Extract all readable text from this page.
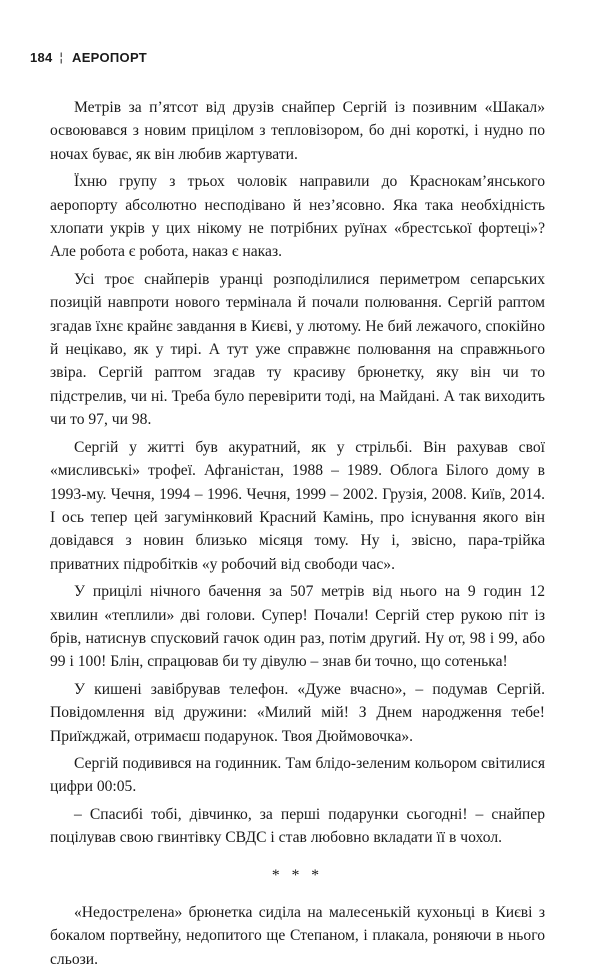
184 ¦ АЕРОПОРТ

Метрів за п’ятсот від друзів снайпер Сергій із позивним «Шакал» освоювався з новим прицілом з тепловізором, бо дні короткі, і нудно по ночах буває, як він любив жартувати.

Їхню групу з трьох чоловік направили до Краснокам’янського аеропорту абсолютно несподівано й нез’ясовно. Яка така необхідність хлопати укрів у цих нікому не потрібних руїнах «брестської фортеці»? Але робота є робота, наказ є наказ.

Усі троє снайперів уранці розподілилися периметром сепарських позицій навпроти нового термінала й почали полювання. Сергій раптом згадав їхнє крайнє завдання в Києві, у лютому. Не бий лежачого, спокійно й нецікаво, як у тирі. А тут уже справжнє полювання на справжнього звіра. Сергій раптом згадав ту красиву брюнетку, яку він чи то підстрелив, чи ні. Треба було перевірити тоді, на Майдані. А так виходить чи то 97, чи 98.

Сергій у житті був акуратний, як у стрільбі. Він рахував свої «мисливські» трофеї. Афганістан, 1988 – 1989. Облога Білого дому в 1993-му. Чечня, 1994 – 1996. Чечня, 1999 – 2002. Грузія, 2008. Київ, 2014. І ось тепер цей загумінковий Красний Камінь, про існування якого він довідався з новин близько місяця тому. Ну і, звісно, пара-трійка приватних підробітків «у робочий від свободи час».

У прицілі нічного бачення за 507 метрів від нього на 9 годин 12 хвилин «теплили» дві голови. Супер! Почали! Сергій стер рукою піт із брів, натиснув спусковий гачок один раз, потім другий. Ну от, 98 і 99, або 99 і 100! Блін, спрацював би ту дівулю – знав би точно, що сотенька!

У кишені завібрував телефон. «Дуже вчасно», – подумав Сергій. Повідомлення від дружини: «Милий мій! З Днем народження тебе! Приїжджай, отримаєш подарунок. Твоя Дюймовочка».

Сергій подивився на годинник. Там блідо-зеленим кольором світилися цифри 00:05.

– Спасибі тобі, дівчинко, за перші подарунки сьогодні! – снайпер поцілував свою гвинтівку СВДС і став любовно вкладати її в чохол.

* * *

«Недострелена» брюнетка сиділа на малесенькій кухоньці в Києві з бокалом портвейну, недопитого ще Степаном, і плакала, роняючи в нього сльози.
